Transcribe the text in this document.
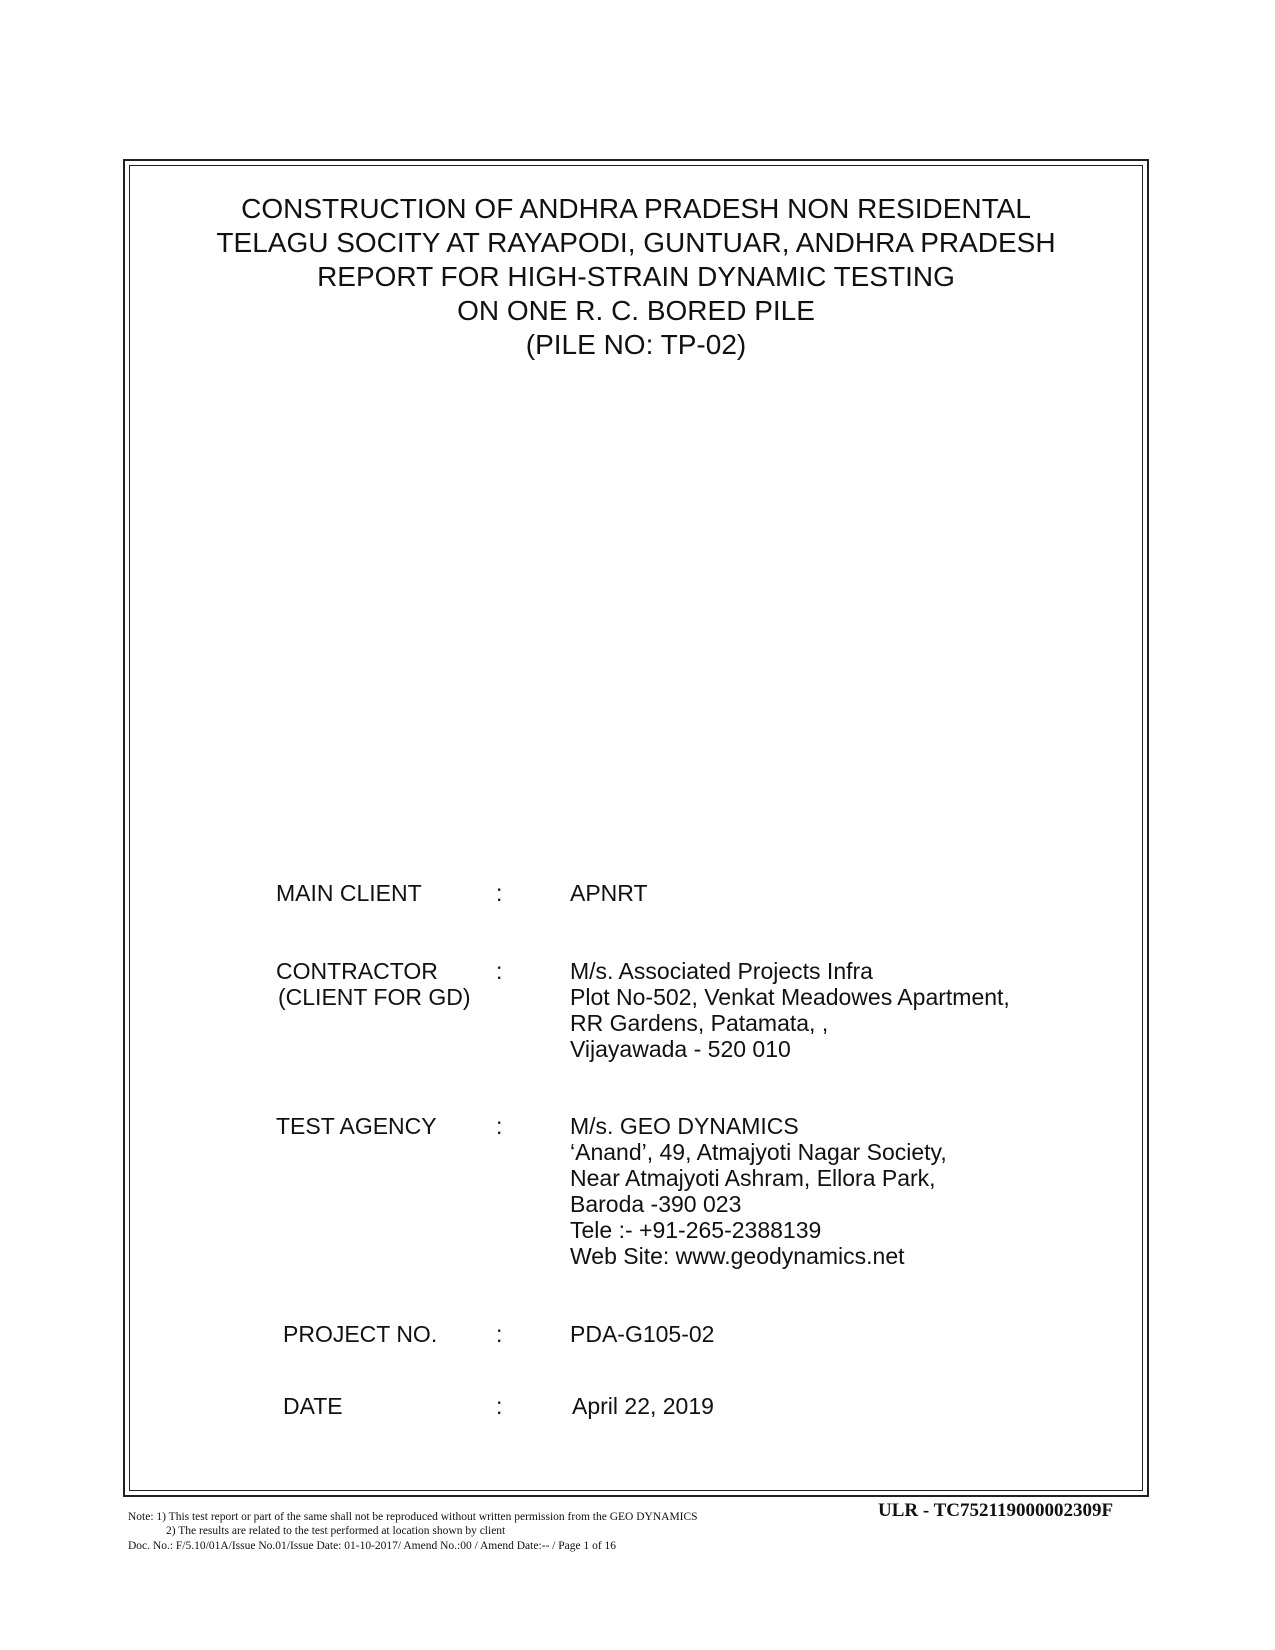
CONSTRUCTION OF ANDHRA PRADESH NON RESIDENTAL
TELAGU SOCITY AT RAYAPODI, GUNTUAR, ANDHRA PRADESH
REPORT FOR HIGH-STRAIN DYNAMIC TESTING
ON ONE R. C. BORED PILE
(PILE NO: TP-02)
MAIN CLIENT	:	APNRT
CONTRACTOR
(CLIENT FOR GD)
:	M/s. Associated Projects Infra
Plot No-502, Venkat Meadowes Apartment,
RR Gardens, Patamata, ,
Vijayawada - 520 010
TEST AGENCY	:	M/s. GEO DYNAMICS
‘Anand’, 49, Atmajyoti Nagar Society,
Near Atmajyoti Ashram, Ellora Park,
Baroda -390 023
Tele :- +91-265-2388139
Web Site: www.geodynamics.net
PROJECT NO.	:	PDA-G105-02
DATE	:	April 22, 2019
Note: 1) This test report or part of the same shall not be reproduced without written permission from the GEO DYNAMICS
2) The results are related to the test performed at location shown by client
Doc. No.: F/5.10/01A/Issue No.01/Issue Date: 01-10-2017/ Amend No.:00 / Amend Date:-- / Page 1 of 16
ULR - TC752119000002309F
